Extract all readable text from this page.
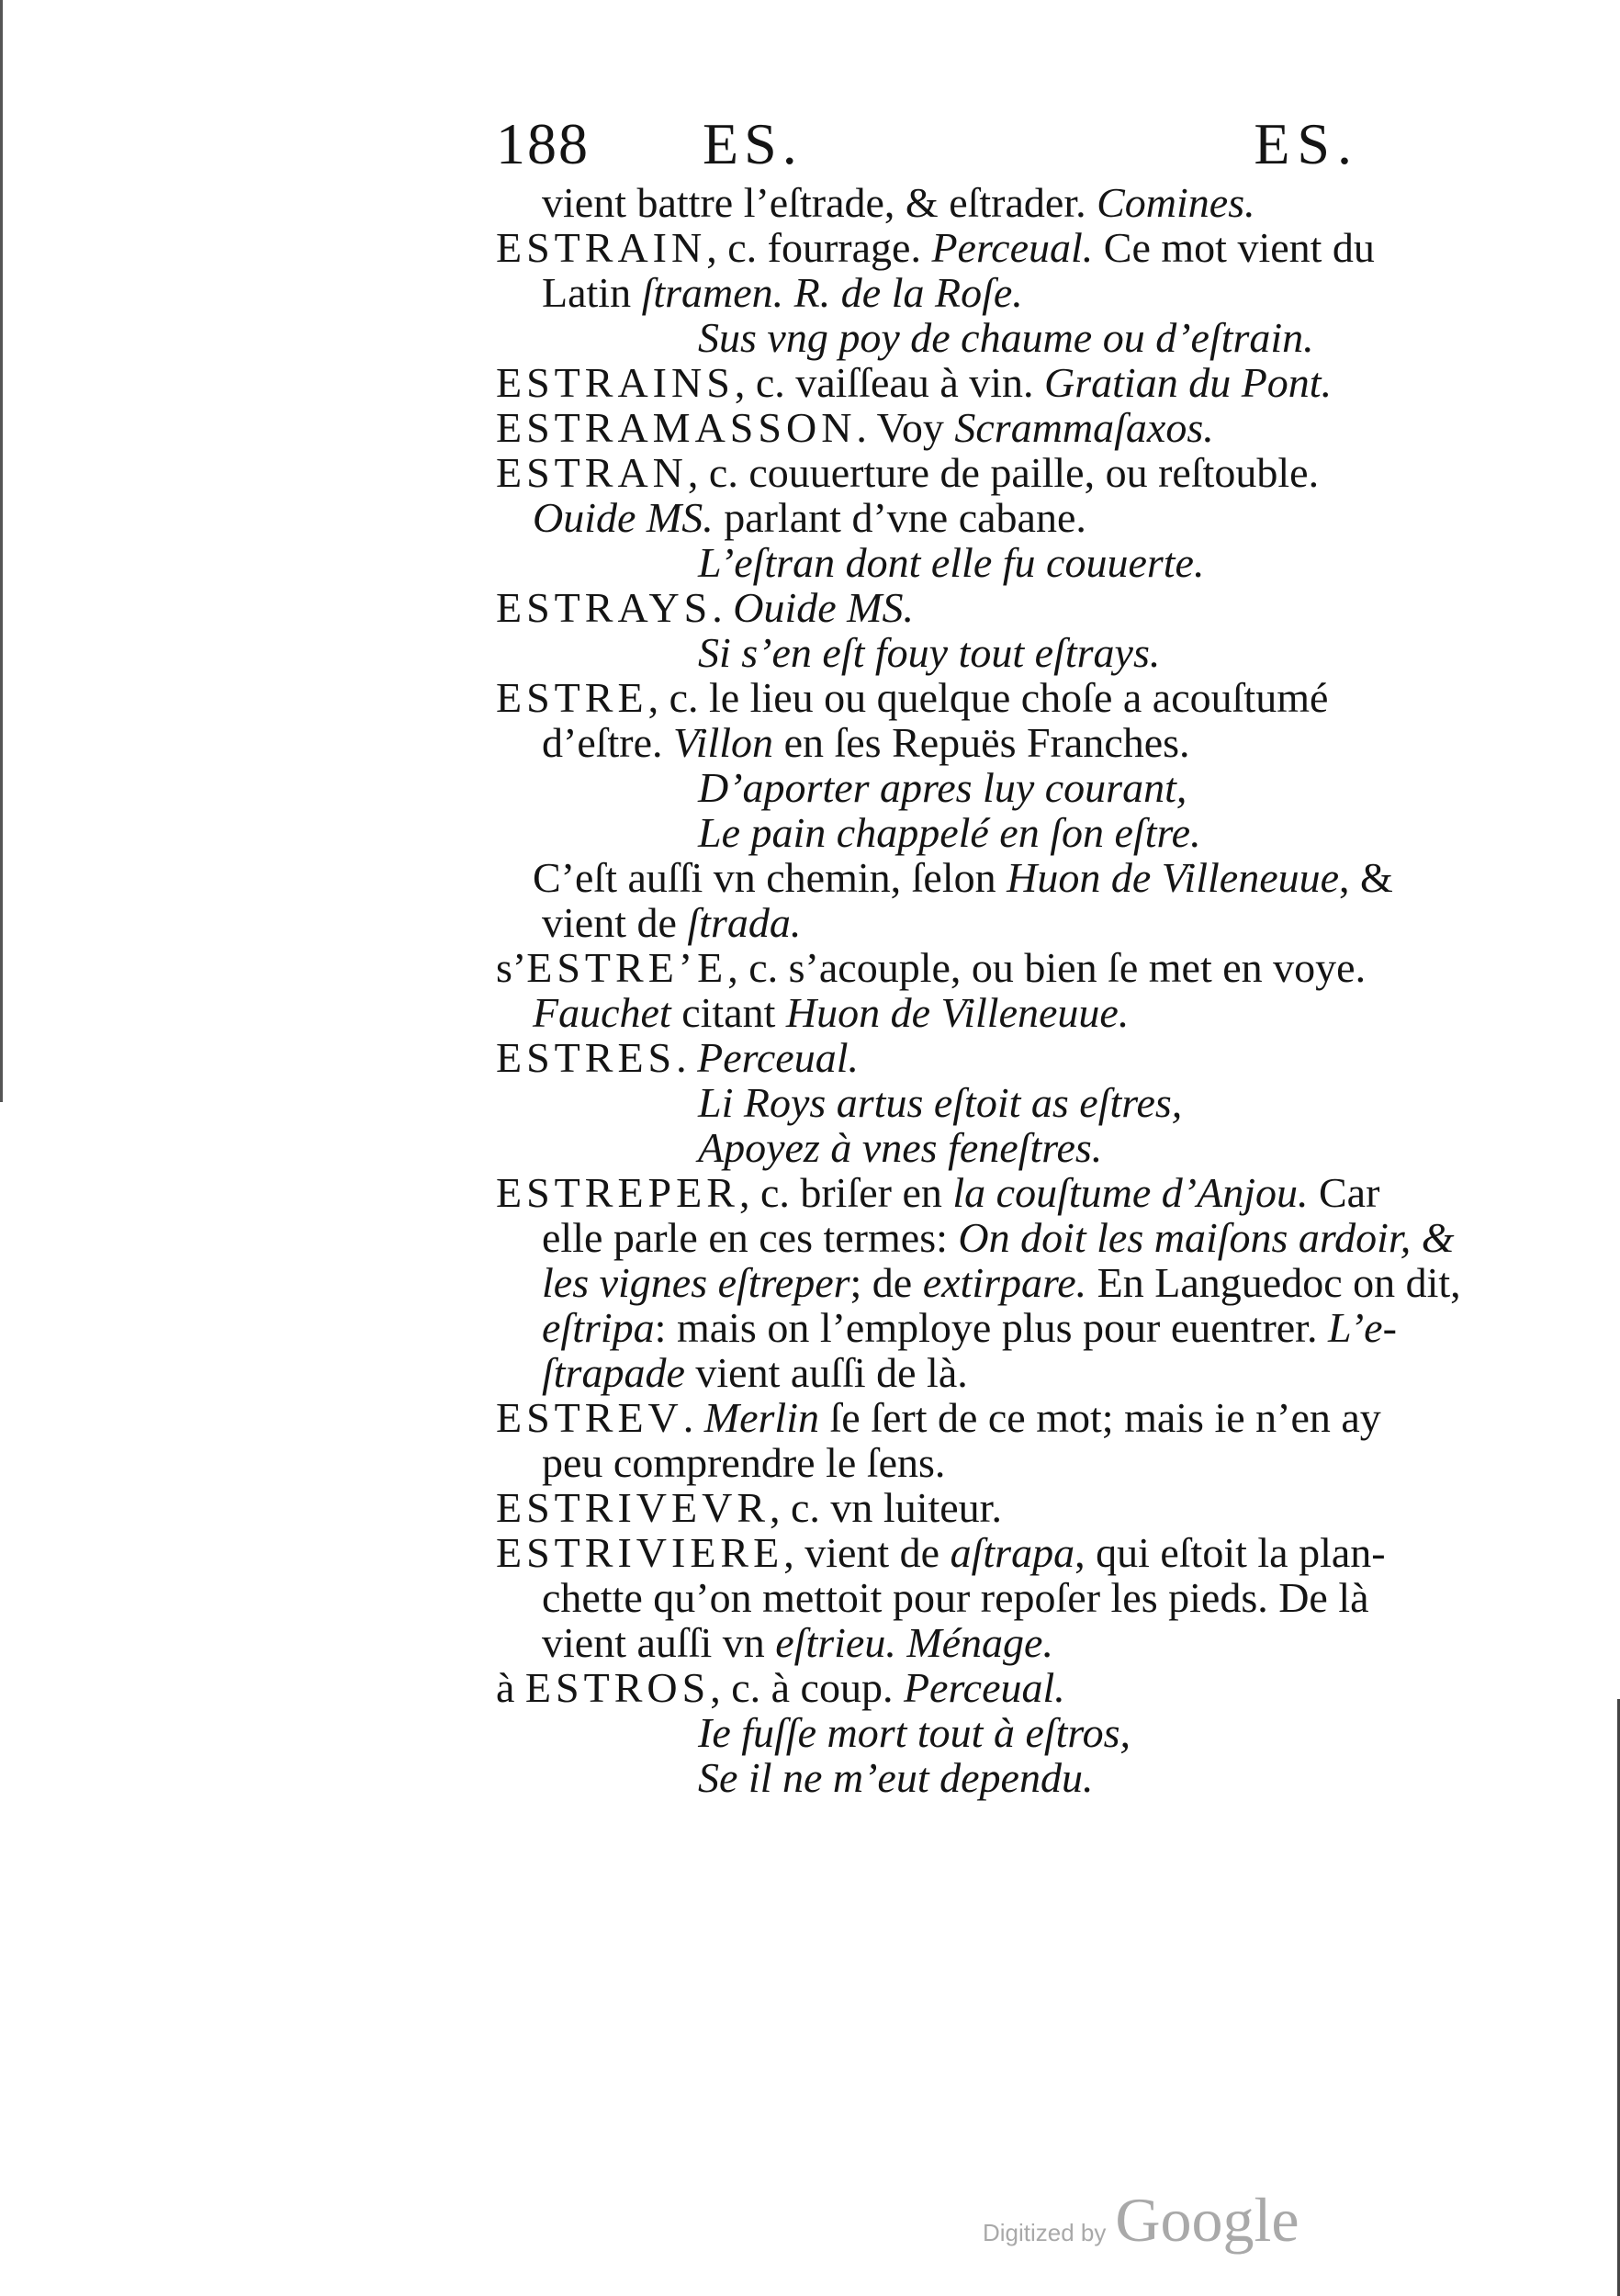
188 ES.	ES.
vient battre l’eſtrade, & eſtrader. Comines.
ESTRAIN, c. fourrage. Perceual. Ce mot vient du
Latin ſtramen. R. de la Roſe.
Sus vng poy de chaume ou d’eſtrain.
ESTRAINS, c. vaiſſeau à vin. Gratian du Pont.
ESTRAMASSON. Voy Scrammaſaxos.
ESTRAN, c. couuerture de paille, ou reſtouble.
Ouide MS. parlant d’vne cabane.
L’eſtran dont elle fu couuerte.
ESTRAYS. Ouide MS.
Si s’en eſt fouy tout eſtrays.
ESTRE, c. le lieu ou quelque choſe a acouſtumé
d’eſtre. Villon en ſes Repuës Franches.
D’aporter apres luy courant,
Le pain chappelé en ſon eſtre.
C’eſt auſſi vn chemin, ſelon Huon de Villeneuue, &
vient de ſtrada.
s’ESTRE’E, c. s’acouple, ou bien ſe met en voye.
Fauchet citant Huon de Villeneuue.
ESTRES. Perceual.
Li Roys artus eſtoit as eſtres,
Apoyez à vnes feneſtres.
ESTREPER, c. briſer en la couſtume d’Anjou. Car
elle parle en ces termes: On doit les maiſons ardoir, &
les vignes eſtreper; de extirpare. En Languedoc on dit,
eſtripa: mais on l’employe plus pour euentrer. L’e-
ſtrapade vient auſſi de là.
ESTREV. Merlin ſe ſert de ce mot; mais ie n’en ay
peu comprendre le ſens.
ESTRIVEVR, c. vn luiteur.
ESTRIVIERE, vient de aſtrapa, qui eſtoit la plan-
chette qu’on mettoit pour repoſer les pieds. De là
vient auſſi vn eſtrieu. Ménage.
à ESTROS, c. à coup. Perceual.
Ie fuſſe mort tout à eſtros,
Se il ne m’eut dependu.
Digitized by Google
